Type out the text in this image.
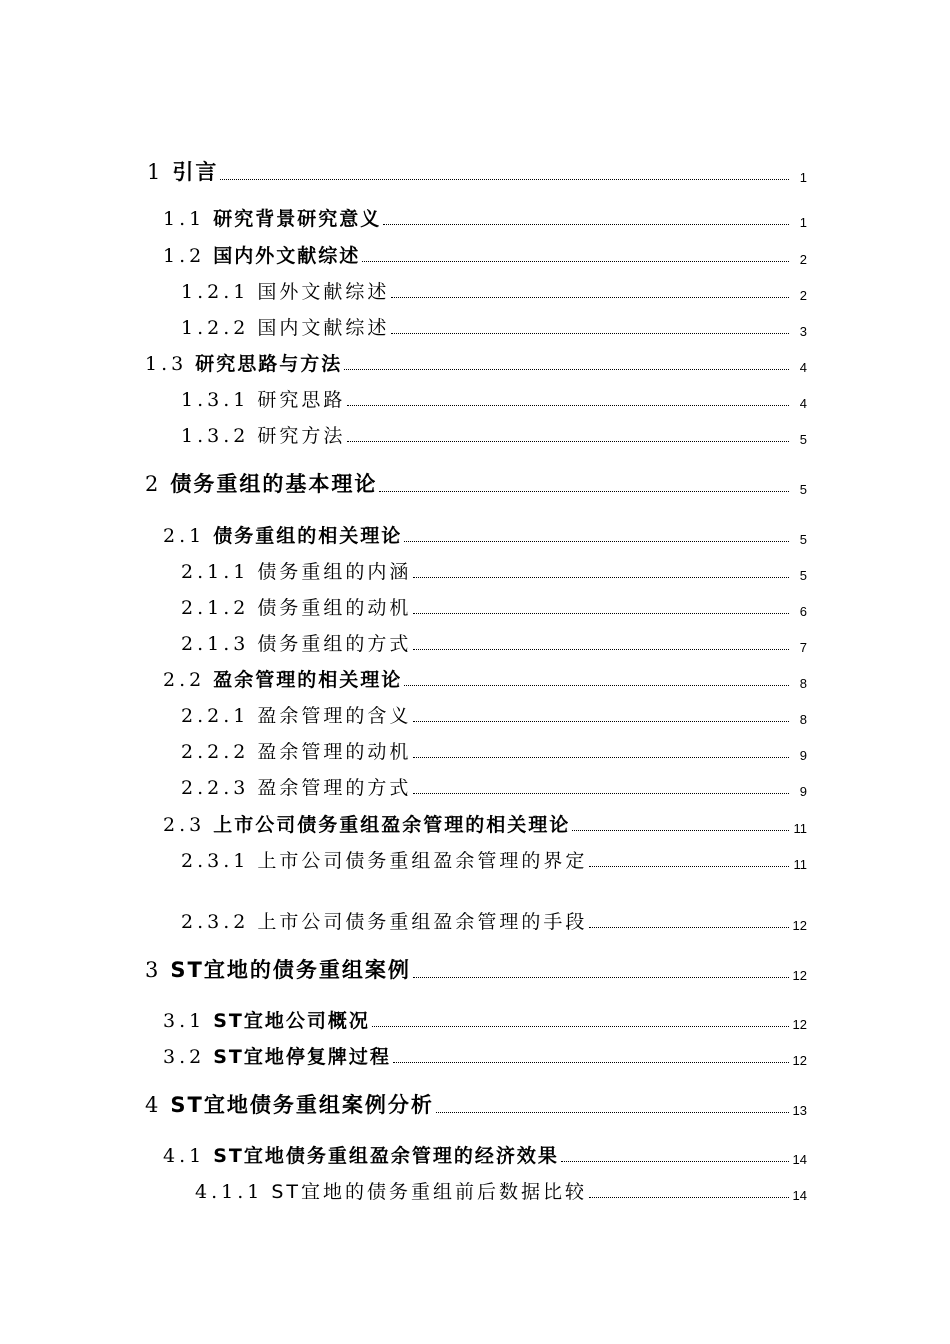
1 引言	1
1.1 研究背景研究意义	1
1.2 国内外文献综述	2
1.2.1 国外文献综述	2
1.2.2 国内文献综述	3
1.3 研究思路与方法	4
1.3.1 研究思路	4
1.3.2 研究方法	5
2 债务重组的基本理论	5
2.1 债务重组的相关理论	5
2.1.1 债务重组的内涵	5
2.1.2 债务重组的动机	6
2.1.3 债务重组的方式	7
2.2 盈余管理的相关理论	8
2.2.1 盈余管理的含义	8
2.2.2 盈余管理的动机	9
2.2.3 盈余管理的方式	9
2.3 上市公司债务重组盈余管理的相关理论	11
2.3.1 上市公司债务重组盈余管理的界定	11
2.3.2 上市公司债务重组盈余管理的手段	12
3 ST宜地的债务重组案例	12
3.1 ST宜地公司概况	12
3.2 ST宜地停复牌过程	12
4 ST宜地债务重组案例分析	13
4.1 ST宜地债务重组盈余管理的经济效果	14
4.1.1 ST宜地的债务重组前后数据比较	14
